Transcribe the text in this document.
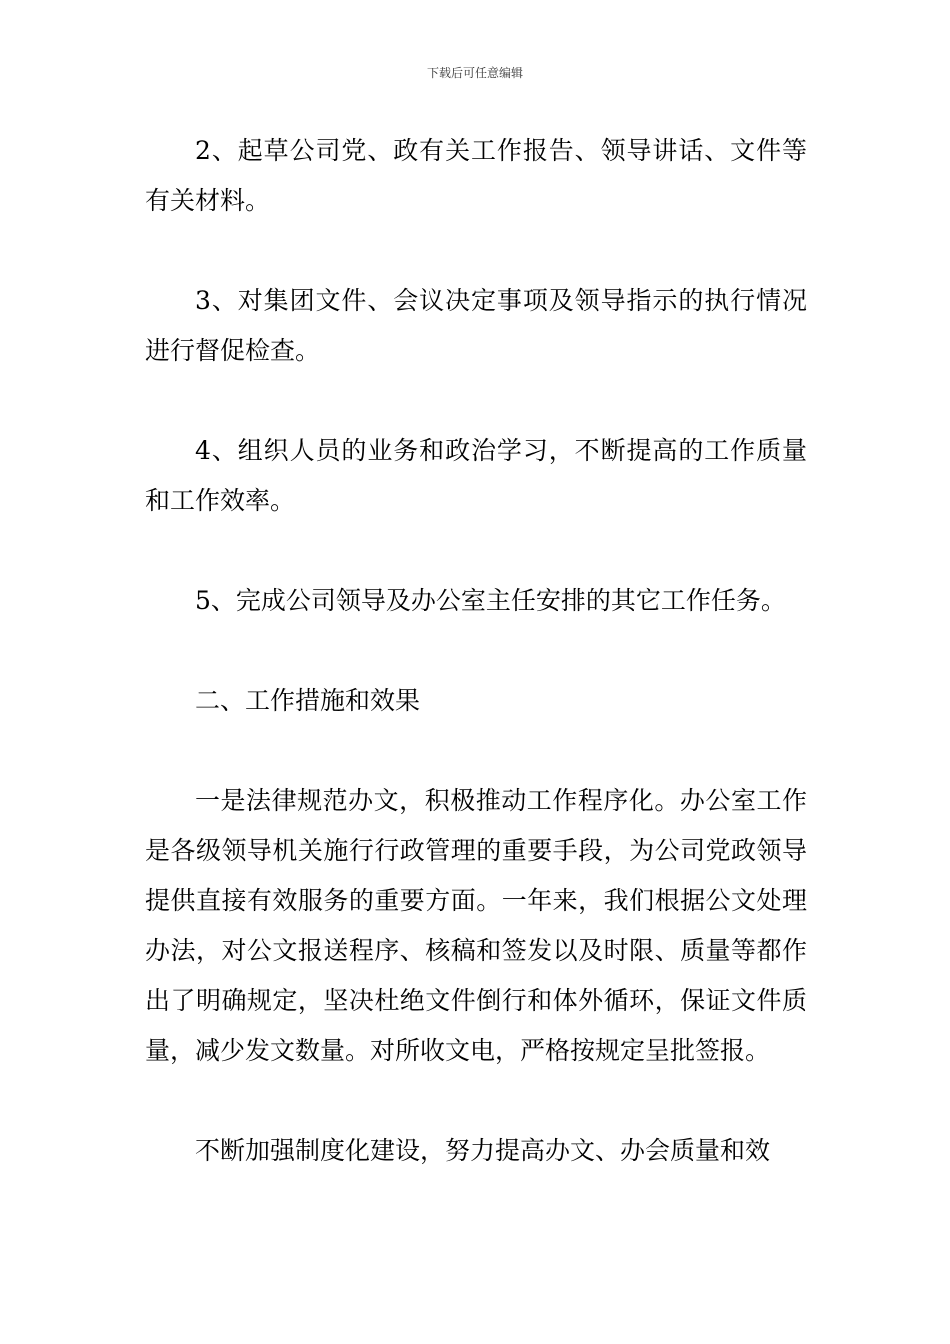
下载后可任意编辑

2、起草公司党、政有关工作报告、领导讲话、文件等有关材料。

3、对集团文件、会议决定事项及领导指示的执行情况进行督促检查。

4、组织人员的业务和政治学习，不断提高的工作质量和工作效率。

5、完成公司领导及办公室主任安排的其它工作任务。

二、工作措施和效果

一是法律规范办文，积极推动工作程序化。办公室工作是各级领导机关施行行政管理的重要手段，为公司党政领导提供直接有效服务的重要方面。一年来，我们根据公文处理办法，对公文报送程序、核稿和签发以及时限、质量等都作出了明确规定，坚决杜绝文件倒行和体外循环，保证文件质量，减少发文数量。对所收文电，严格按规定呈批签报。

不断加强制度化建设，努力提高办文、办会质量和效
